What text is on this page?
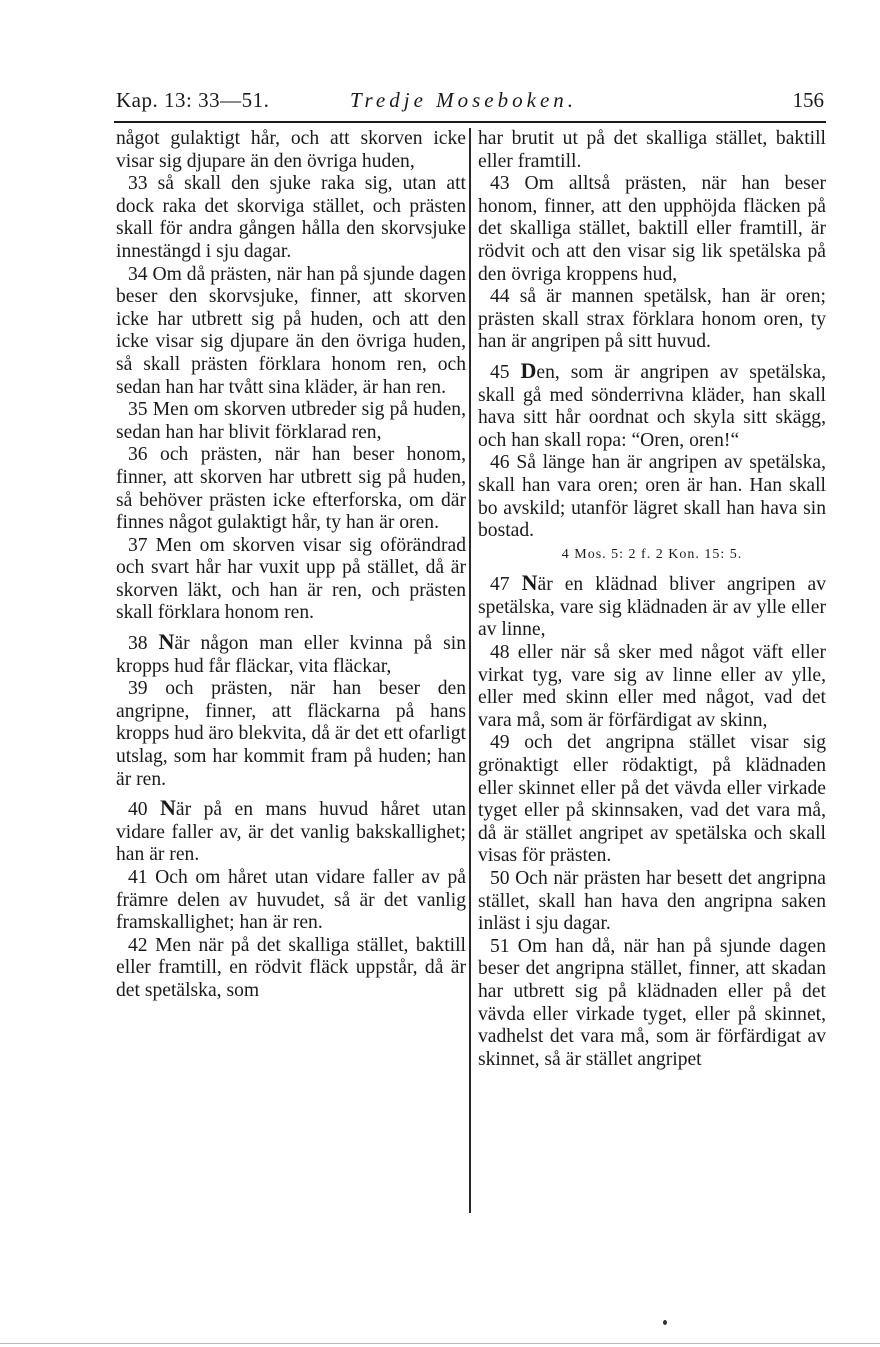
Kap. 13: 33—51.	Tredje Moseboken.	156

något gulaktigt hår, och att skorven icke visar sig djupare än den övriga huden,

33 så skall den sjuke raka sig, utan att dock raka det skorviga stället, och prästen skall för andra gången hålla den skorvsjuke innestängd i sju dagar.

34 Om då prästen, när han på sjunde dagen beser den skorvsjuke, finner, att skorven icke har utbrett sig på huden, och att den icke visar sig djupare än den övriga huden, så skall prästen förklara honom ren, och sedan han har tvått sina kläder, är han ren.

35 Men om skorven utbreder sig på huden, sedan han har blivit förklarad ren,

36 och prästen, när han beser honom, finner, att skorven har utbrett sig på huden, så behöver prästen icke efterforska, om där finnes något gulaktigt hår, ty han är oren.

37 Men om skorven visar sig oförändrad och svart hår har vuxit upp på stället, då är skorven läkt, och han är ren, och prästen skall förklara honom ren.

38 När någon man eller kvinna på sin kropps hud får fläckar, vita fläckar,

39 och prästen, när han beser den angripne, finner, att fläckarna på hans kropps hud äro blekvita, då är det ett ofarligt utslag, som har kommit fram på huden; han är ren.

40 När på en mans huvud håret utan vidare faller av, är det vanlig bakskallighet; han är ren.

41 Och om håret utan vidare faller av på främre delen av huvudet, så är det vanlig framskallighet; han är ren.

42 Men när på det skalliga stället, baktill eller framtill, en rödvit fläck uppstår, då är det spetälska, som

har brutit ut på det skalliga stället, baktill eller framtill.

43 Om alltså prästen, när han beser honom, finner, att den upphöjda fläcken på det skalliga stället, baktill eller framtill, är rödvit och att den visar sig lik spetälska på den övriga kroppens hud,

44 så är mannen spetälsk, han är oren; prästen skall strax förklara honom oren, ty han är angripen på sitt huvud.

45 Den, som är angripen av spetälska, skall gå med sönderrivna kläder, han skall hava sitt hår oordnat och skyla sitt skägg, och han skall ropa: “Oren, oren!“

46 Så länge han är angripen av spetälska, skall han vara oren; oren är han. Han skall bo avskild; utanför lägret skall han hava sin bostad.

4 Mos. 5: 2 f. 2 Kon. 15: 5.

47 När en klädnad bliver angripen av spetälska, vare sig klädnaden är av ylle eller av linne,

48 eller när så sker med något väft eller virkat tyg, vare sig av linne eller av ylle, eller med skinn eller med något, vad det vara må, som är förfärdigat av skinn,

49 och det angripna stället visar sig grönaktigt eller rödaktigt, på klädnaden eller skinnet eller på det vävda eller virkade tyget eller på skinnsaken, vad det vara må, då är stället angripet av spetälska och skall visas för prästen.

50 Och när prästen har besett det angripna stället, skall han hava den angripna saken inläst i sju dagar.

51 Om han då, när han på sjunde dagen beser det angripna stället, finner, att skadan har utbrett sig på klädnaden eller på det vävda eller virkade tyget, eller på skinnet, vadhelst det vara må, som är förfärdigat av skinnet, så är stället angripet
